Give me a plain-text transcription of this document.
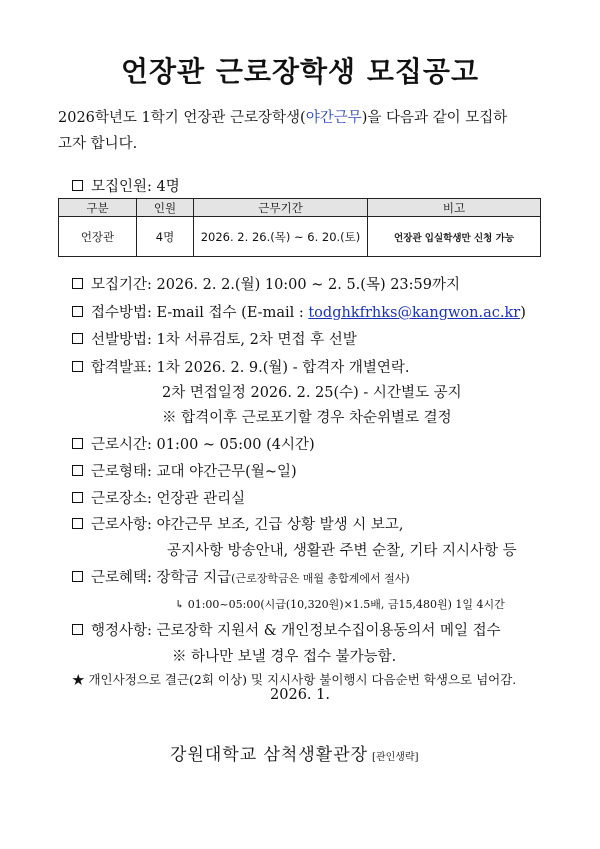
언장관 근로장학생 모집공고
2026학년도 1학기 언장관 근로장학생(야간근무)을 다음과 같이 모집하
고자 합니다.
모집인원: 4명
구분	인원	근무기간	비고
언장관	4명	2026. 2. 26.(목) ~ 6. 20.(토)	언장관 입실학생만 신청 가능
모집기간: 2026. 2. 2.(월) 10:00 ~ 2. 5.(목) 23:59까지
접수방법: E-mail 접수 (E-mail : todghkfrhks@kangwon.ac.kr)
선발방법: 1차 서류검토, 2차 면접 후 선발
합격발표: 1차 2026. 2. 9.(월) - 합격자 개별연락.
2차 면접일정 2026. 2. 25(수) - 시간별도 공지
※ 합격이후 근로포기할 경우 차순위별로 결정
근로시간: 01:00 ~ 05:00 (4시간)
근로형태: 교대 야간근무(월~일)
근로장소: 언장관 관리실
근로사항: 야간근무 보조, 긴급 상황 발생 시 보고,
공지사항 방송안내, 생활관 주변 순찰, 기타 지시사항 등
근로혜택: 장학금 지급(근로장학금은 매월 총합계에서 절사)
↳ 01:00~05:00(시급(10,320원)×1.5배, 금15,480원) 1일 4시간
행정사항: 근로장학 지원서 & 개인정보수집이용동의서 메일 접수
※ 하나만 보낼 경우 접수 불가능함.
★ 개인사정으로 결근(2회 이상) 및 지시사항 불이행시 다음순번 학생으로 넘어감.
2026. 1.
강원대학교 삼척생활관장 [관인생략]
